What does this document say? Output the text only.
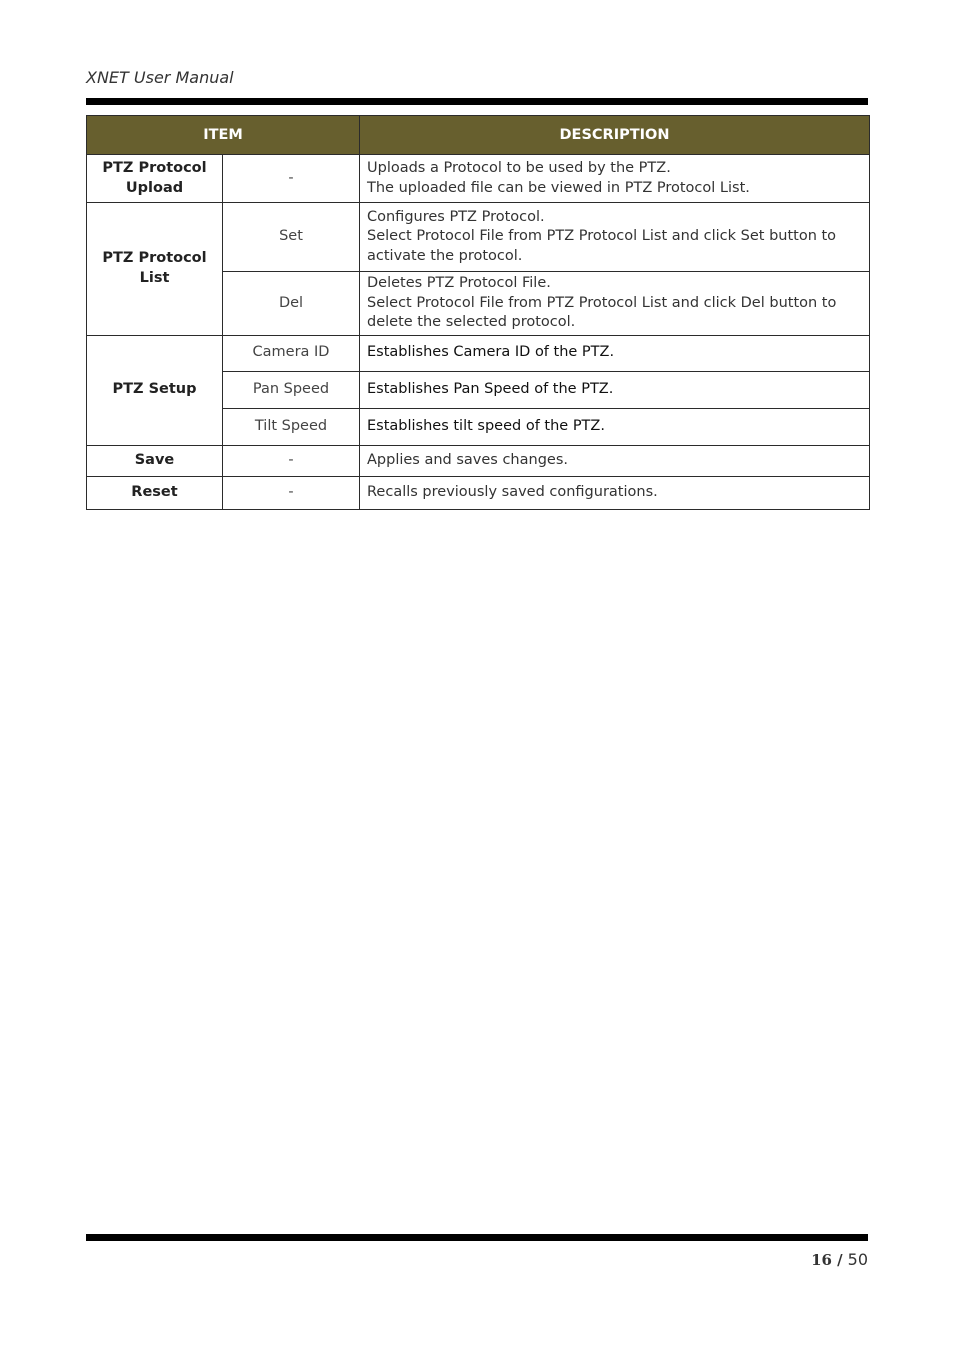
XNET User Manual
ITEM		DESCRIPTION
PTZ Protocol Upload	-	Uploads a Protocol to be used by the PTZ.
The uploaded file can be viewed in PTZ Protocol List.

PTZ Protocol List	Set	Configures PTZ Protocol.
Select Protocol File from PTZ Protocol List and click Set button to
activate the protocol.

	Del	Deletes PTZ Protocol File.
Select Protocol File from PTZ Protocol List and click Del button to
delete the selected protocol.

PTZ Setup	Camera ID	Establishes Camera ID of the PTZ.

	Pan Speed	Establishes Pan Speed of the PTZ.

	Tilt Speed	Establishes tilt speed of the PTZ.

Save	-	Applies and saves changes.

Reset	-	Recalls previously saved configurations.
16 / 50
